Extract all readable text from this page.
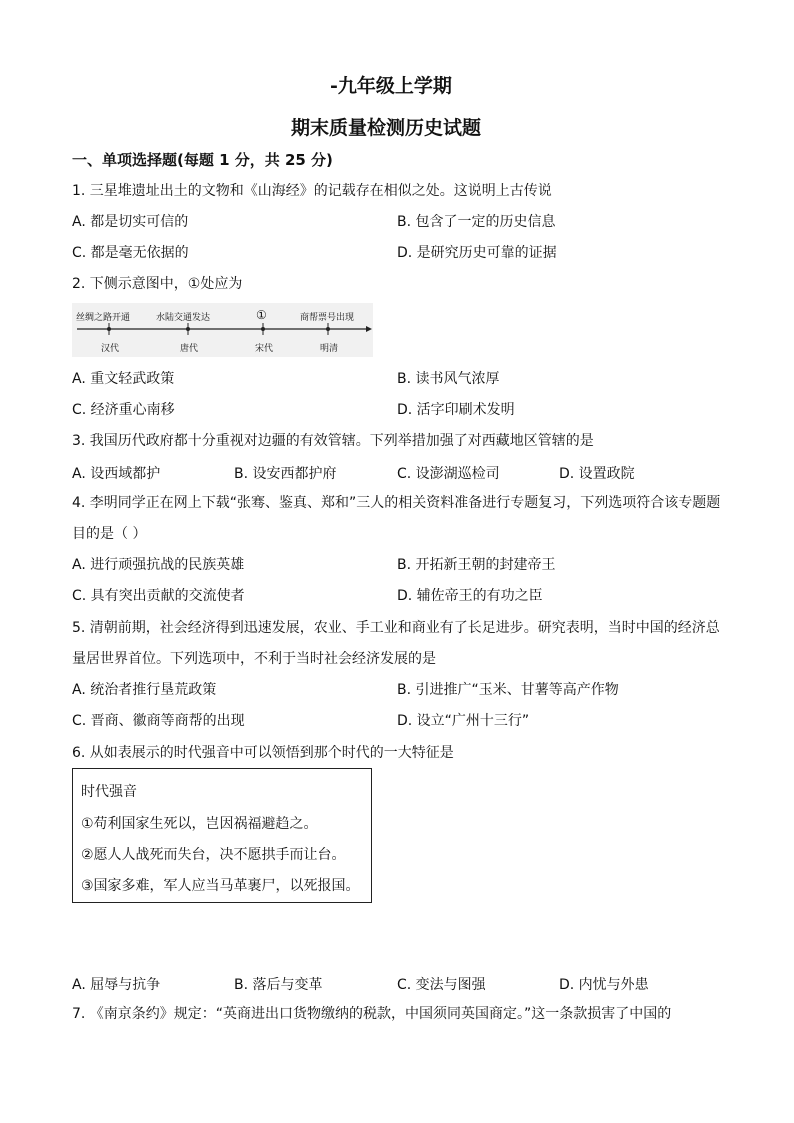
-九年级上学期
期末质量检测历史试题
一、单项选择题(每题 1 分，共 25 分)
1. 三星堆遗址出土的文物和《山海经》的记载存在相似之处。这说明上古传说
A. 都是切实可信的	B. 包含了一定的历史信息
C. 都是毫无依据的	D. 是研究历史可靠的证据
2. 下侧示意图中，①处应为
丝绸之路开通	水陆交通发达	①	商帮票号出现
汉代	唐代	宋代	明清
A. 重文轻武政策	B. 读书风气浓厚
C. 经济重心南移	D. 活字印刷术发明
3. 我国历代政府都十分重视对边疆的有效管辖。下列举措加强了对西藏地区管辖的是
A. 设西域都护	B. 设安西都护府	C. 设澎湖巡检司	D. 设置政院
4. 李明同学正在网上下载“张骞、鉴真、郑和”三人的相关资料准备进行专题复习，下列选项符合该专题题
目的是（ ）
A. 进行顽强抗战的民族英雄	B. 开拓新王朝的封建帝王
C. 具有突出贡献的交流使者	D. 辅佐帝王的有功之臣
5. 清朝前期，社会经济得到迅速发展，农业、手工业和商业有了长足进步。研究表明，当时中国的经济总
量居世界首位。下列选项中，不利于当时社会经济发展的是
A. 统治者推行垦荒政策	B. 引进推广“玉米、甘薯等高产作物
C. 晋商、徽商等商帮的出现	D. 设立“广州十三行”
6. 从如表展示的时代强音中可以领悟到那个时代的一大特征是
时代强音
①苟利国家生死以，岂因祸福避趋之。
②愿人人战死而失台，决不愿拱手而让台。
③国家多难，军人应当马革裹尸，以死报国。
A. 屈辱与抗争	B. 落后与变革	C. 变法与图强	D. 内忧与外患
7. 《南京条约》规定：“英商进出口货物缴纳的税款，中国须同英国商定。”这一条款损害了中国的
